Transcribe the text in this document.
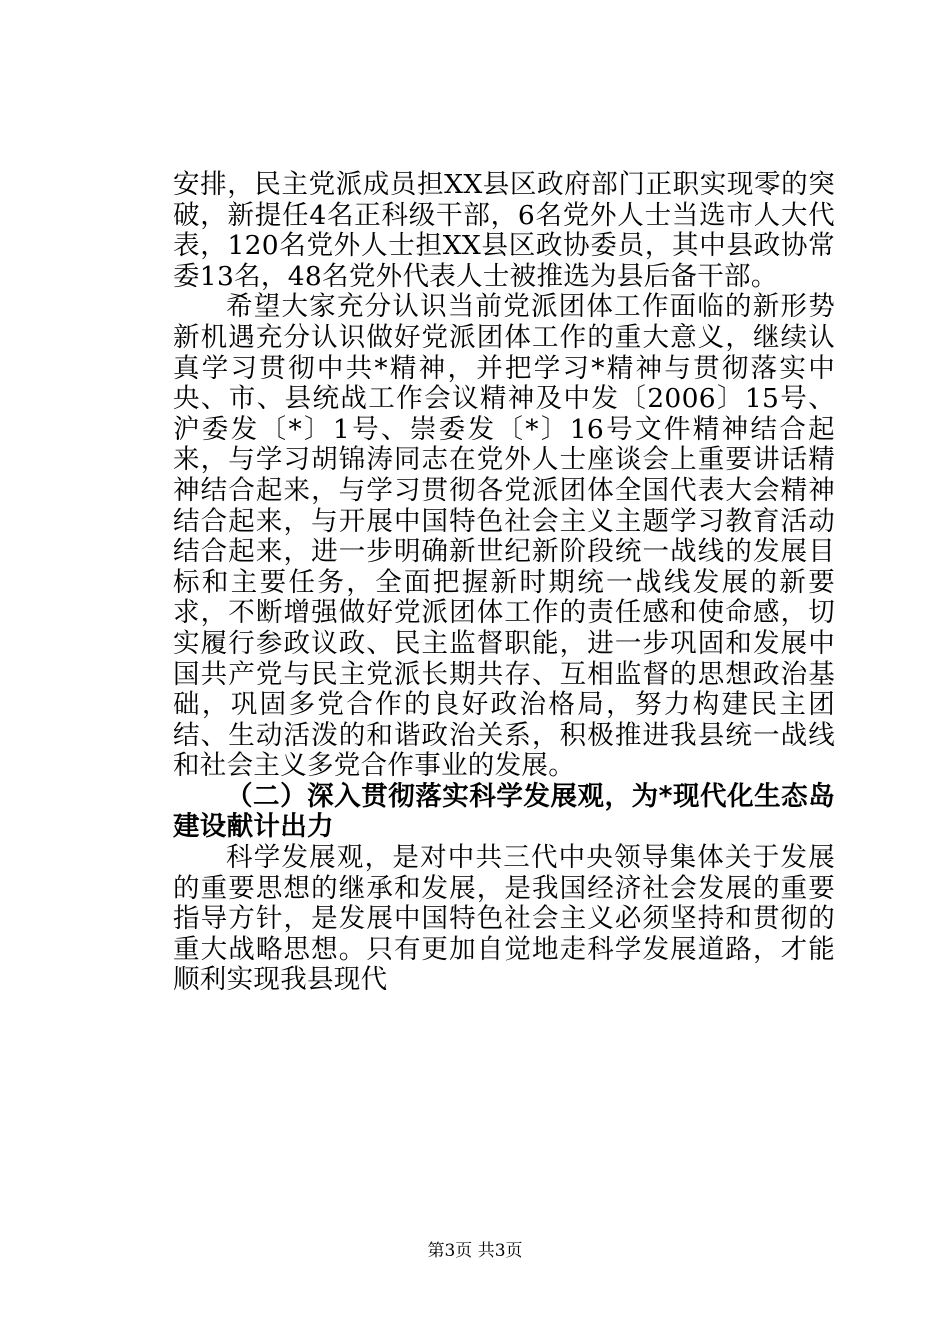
安排，民主党派成员担XX县区政府部门正职实现零的突破，新提任4名正科级干部，6名党外人士当选市人大代表，120名党外人士担XX县区政协委员，其中县政协常委13名，48名党外代表人士被推选为县后备干部。

希望大家充分认识当前党派团体工作面临的新形势新机遇充分认识做好党派团体工作的重大意义，继续认真学习贯彻中共*精神，并把学习*精神与贯彻落实中央、市、县统战工作会议精神及中发〔2006〕15号、沪委发〔*〕1号、崇委发〔*〕16号文件精神结合起来，与学习胡锦涛同志在党外人士座谈会上重要讲话精神结合起来，与学习贯彻各党派团体全国代表大会精神结合起来，与开展中国特色社会主义主题学习教育活动结合起来，进一步明确新世纪新阶段统一战线的发展目标和主要任务，全面把握新时期统一战线发展的新要求，不断增强做好党派团体工作的责任感和使命感，切实履行参政议政、民主监督职能，进一步巩固和发展中国共产党与民主党派长期共存、互相监督的思想政治基础，巩固多党合作的良好政治格局，努力构建民主团结、生动活泼的和谐政治关系，积极推进我县统一战线和社会主义多党合作事业的发展。

（二）深入贯彻落实科学发展观，为*现代化生态岛建设献计出力

科学发展观，是对中共三代中央领导集体关于发展的重要思想的继承和发展，是我国经济社会发展的重要指导方针，是发展中国特色社会主义必须坚持和贯彻的重大战略思想。只有更加自觉地走科学发展道路，才能顺利实现我县现代

第3页 共3页
